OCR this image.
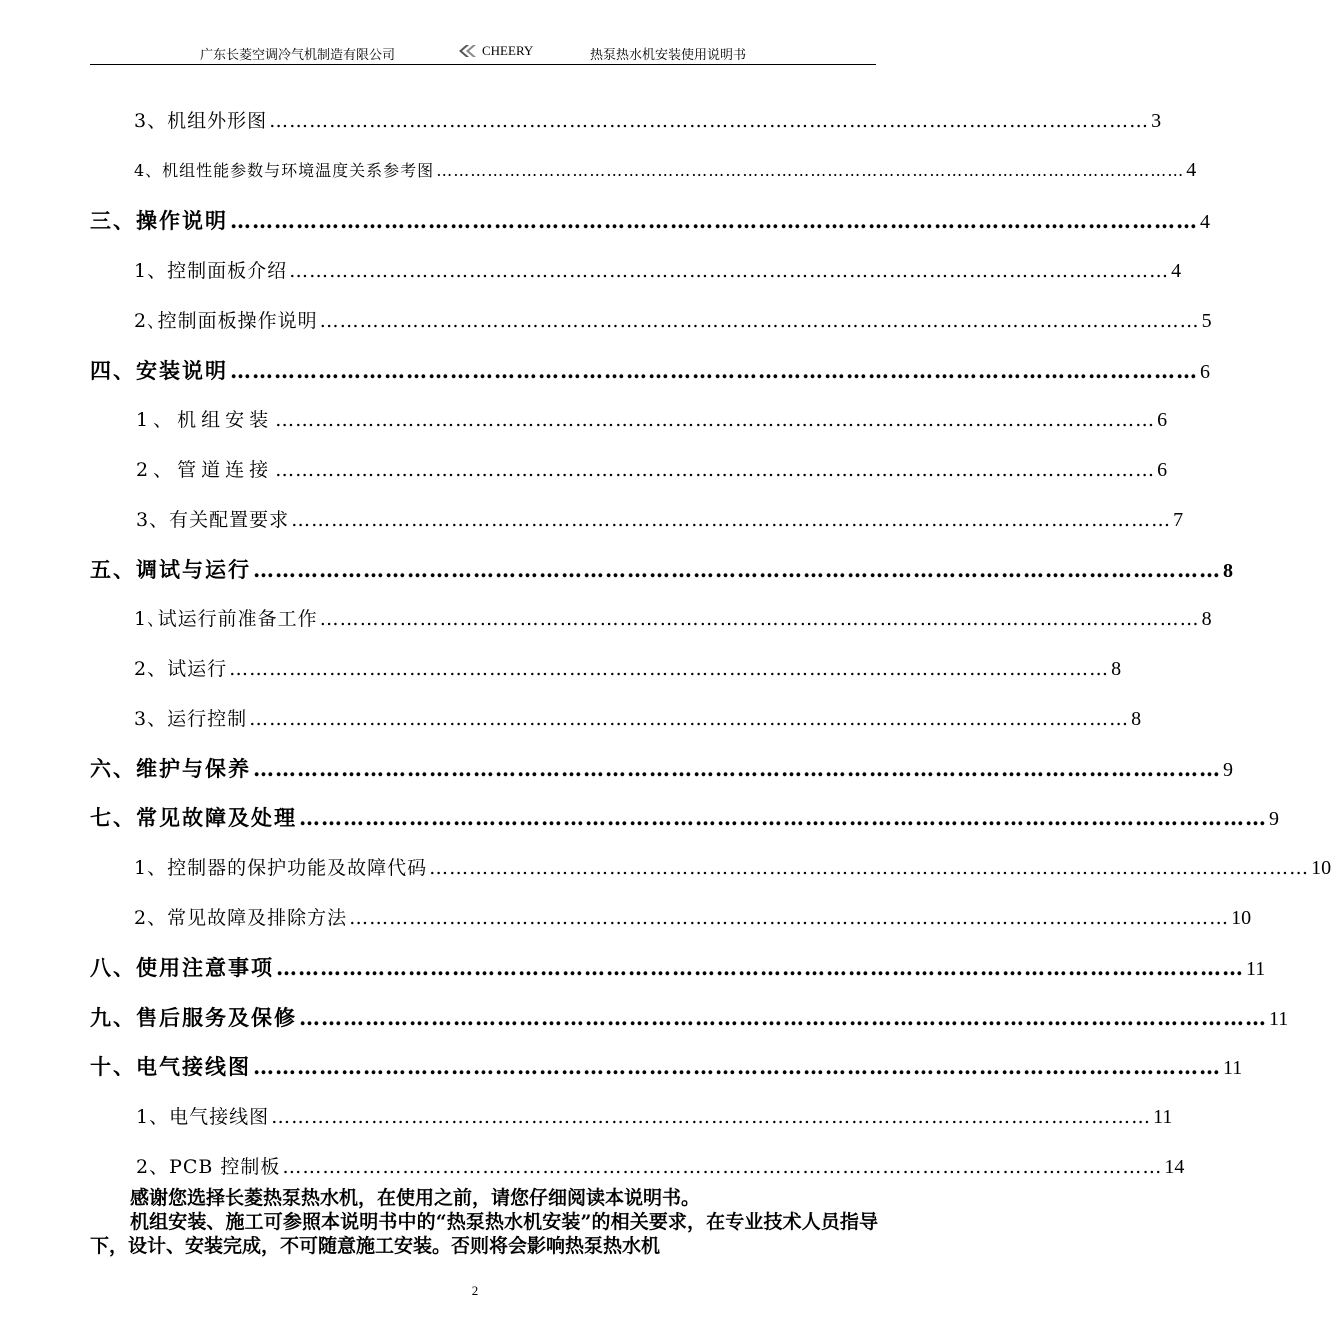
广东长菱空调冷气机制造有限公司	CHEERY	热泵热水机安装使用说明书
3、机组外形图 …………………………………………………………………………………………………………………… 3
4、机组性能参数与环境温度关系参考图 …………………………………………………………………………………………………………………… 4
三、操作说明 …………………………………………………………………………………………………………………… 4
1、控制面板介绍 …………………………………………………………………………………………………………………… 4
2､控制面板操作说明 …………………………………………………………………………………………………………………… 5
四、安装说明 …………………………………………………………………………………………………………………… 6
1、机组安装 …………………………………………………………………………………………………………………… 6
2、管道连接 …………………………………………………………………………………………………………………… 6
3、有关配置要求 …………………………………………………………………………………………………………………… 7
五、调试与运行 …………………………………………………………………………………………………………………… 8
1､试运行前准备工作 …………………………………………………………………………………………………………………… 8
2、试运行 …………………………………………………………………………………………………………………… 8
3、运行控制 …………………………………………………………………………………………………………………… 8
六、维护与保养 …………………………………………………………………………………………………………………… 9
七、常见故障及处理 …………………………………………………………………………………………………………………… 9
1、控制器的保护功能及故障代码 …………………………………………………………………………………………………………………… 10
2、常见故障及排除方法 …………………………………………………………………………………………………………………… 10
八、使用注意事项 …………………………………………………………………………………………………………………… 11
九、售后服务及保修 …………………………………………………………………………………………………………………… 11
十、电气接线图 …………………………………………………………………………………………………………………… 11
1、电气接线图 …………………………………………………………………………………………………………………… 11
2、PCB 控制板 …………………………………………………………………………………………………………………… 14

感谢您选择长菱热泵热水机，在使用之前，请您仔细阅读本说明书。

机组安装、施工可参照本说明书中的“热泵热水机安装”的相关要求，在专业技术人员指导下，设计、安装完成，不可随意施工安装。否则将会影响热泵热水机

2
